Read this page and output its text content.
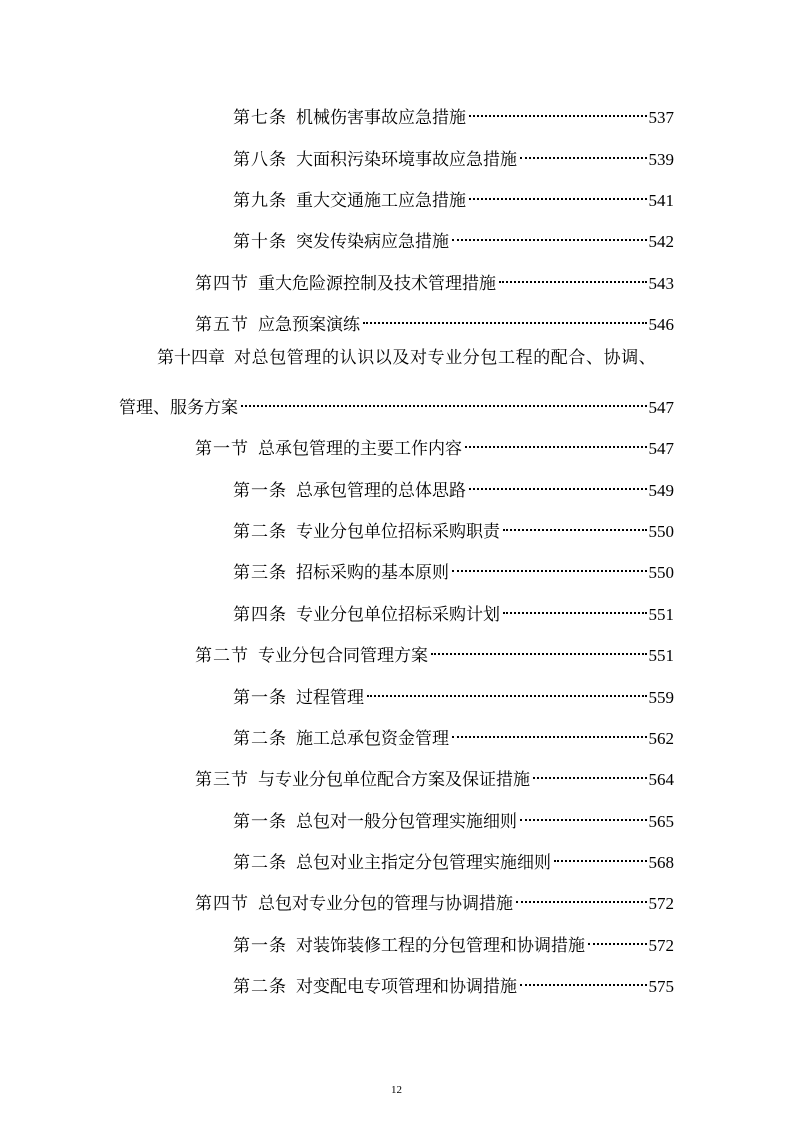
第七条 机械伤害事故应急措施	537
第八条 大面积污染环境事故应急措施	539
第九条 重大交通施工应急措施	541
第十条 突发传染病应急措施	542
第四节 重大危险源控制及技术管理措施	543
第五节 应急预案演练	546
第十四章 对总包管理的认识以及对专业分包工程的配合、协调、
管理、服务方案	547
第一节 总承包管理的主要工作内容	547
第一条 总承包管理的总体思路	549
第二条 专业分包单位招标采购职责	550
第三条 招标采购的基本原则	550
第四条 专业分包单位招标采购计划	551
第二节 专业分包合同管理方案	551
第一条 过程管理	559
第二条 施工总承包资金管理	562
第三节 与专业分包单位配合方案及保证措施	564
第一条 总包对一般分包管理实施细则	565
第二条 总包对业主指定分包管理实施细则	568
第四节 总包对专业分包的管理与协调措施	572
第一条 对装饰装修工程的分包管理和协调措施	572
第二条 对变配电专项管理和协调措施	575
12
